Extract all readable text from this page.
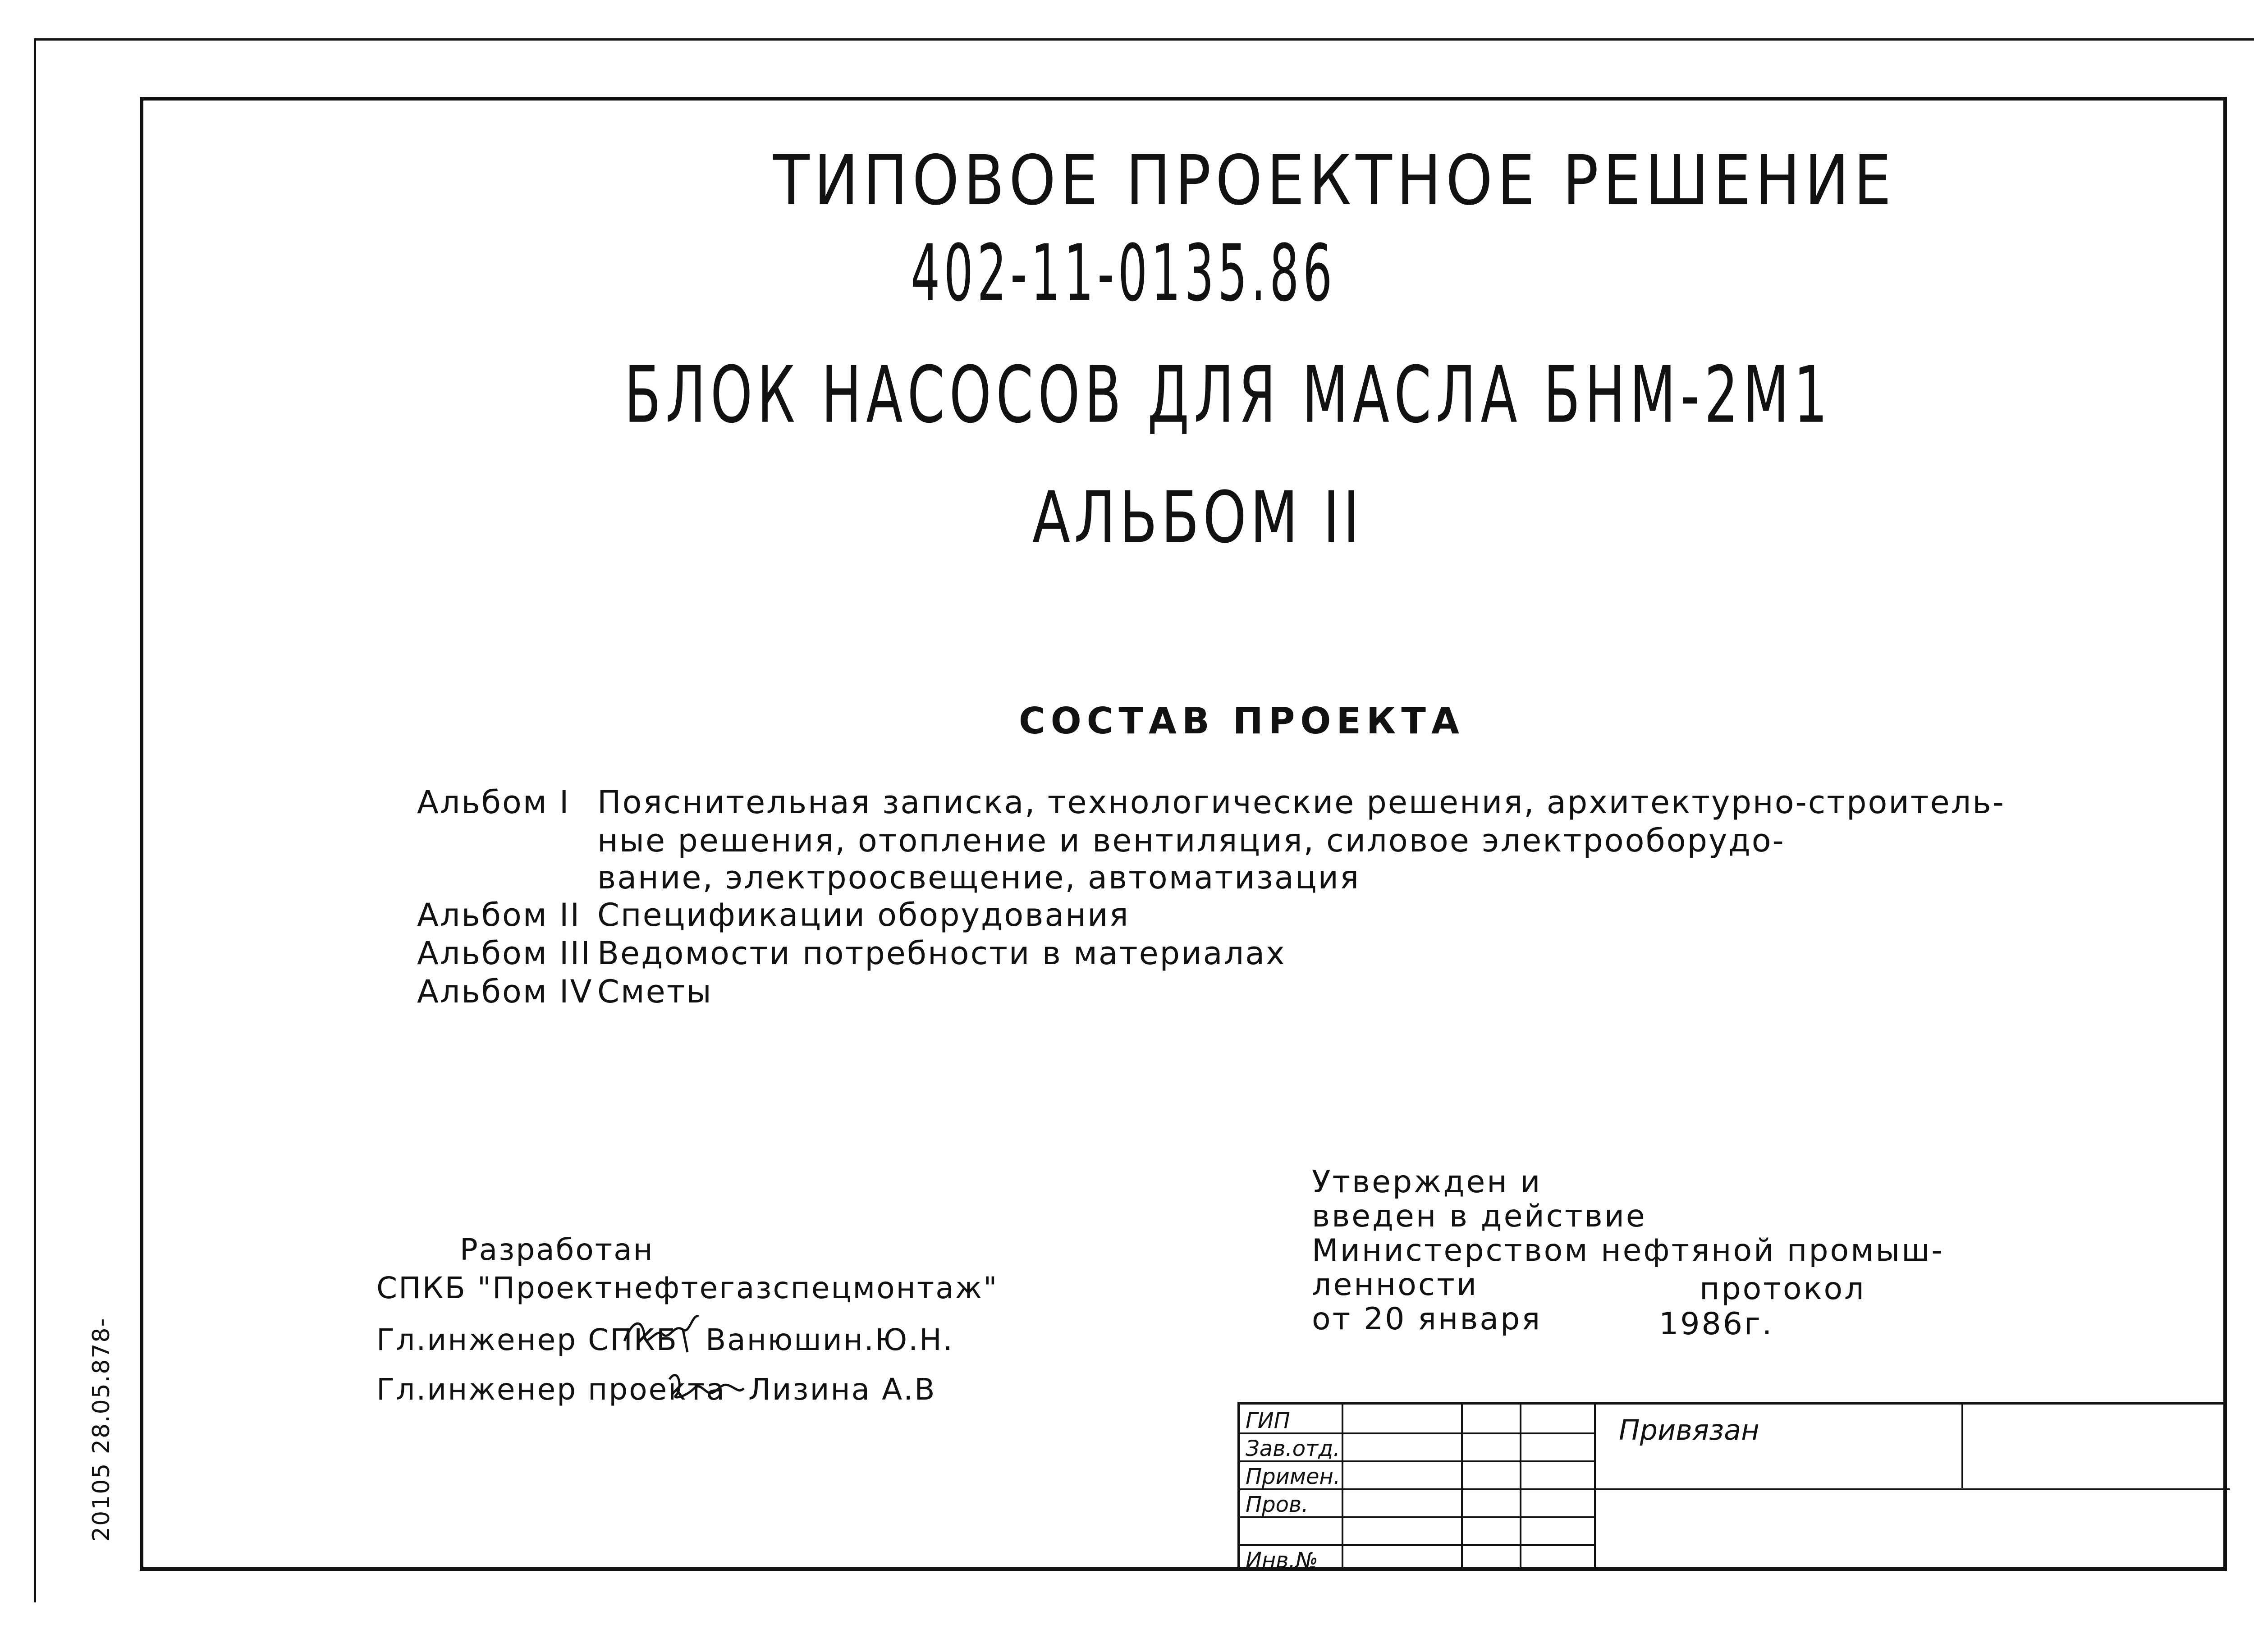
ТИПОВОЕ ПРОЕКТНОЕ РЕШЕНИЕ
402-11-0135.86
БЛОК НАСОСОВ ДЛЯ МАСЛА БНМ-2М1
АЛЬБОМ II
СОСТАВ ПРОЕКТА
Альбом I Пояснительная записка, технологические решения, архитектурно-строитель-
ные решения, отопление и вентиляция, силовое электрооборудо-
вание, электроосвещение, автоматизация
Альбом II Спецификации оборудования
Альбом III Ведомости потребности в материалах
Альбом IV Сметы
Утвержден и
введен в действие
Министерством нефтяной промыш-
ленности
от 20 января
протокол
1986г.
Разработан
СПКБ "Проектнефтегазспецмонтаж"
Гл.инженер СПКБ Ванюшин.Ю.Н.
Гл.инженер проекта Лизина А.В
20105 28.05.878-	ГИП
Зав.отд.
Примен.
Пров.
Инв.№
Привязан
